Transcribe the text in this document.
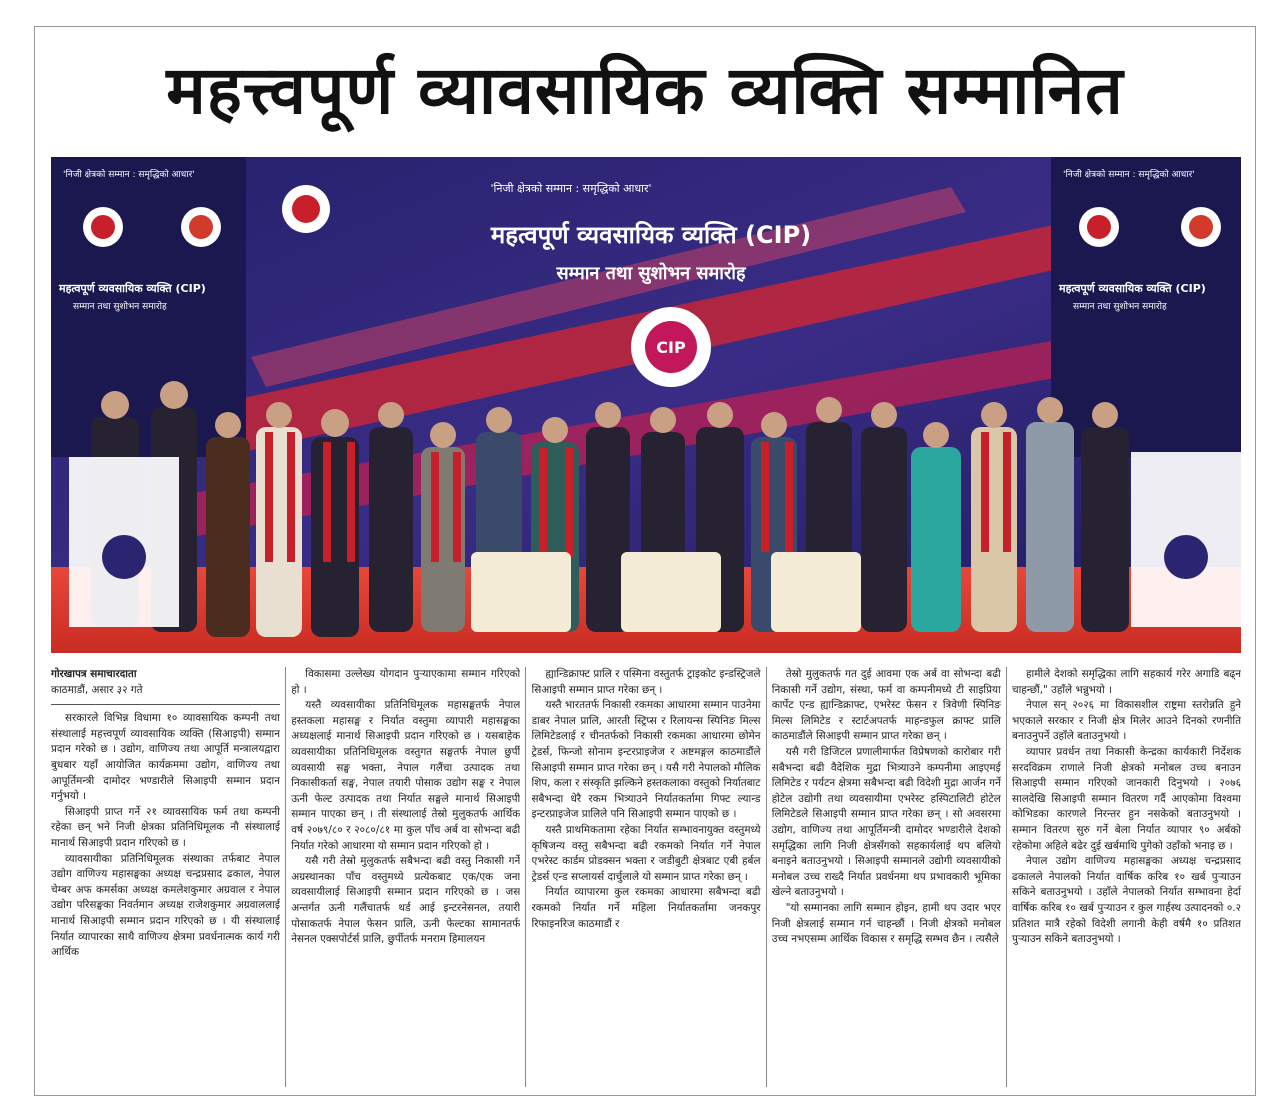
महत्त्वपूर्ण व्यावसायिक व्यक्ति सम्मानित
'निजी क्षेत्रको सम्मान : समृद्धिको आधार'	'निजी क्षेत्रको सम्मान : समृद्धिको आधार'
महत्वपूर्ण व्यवसायिक व्यक्ति (CIP)
सम्मान तथा सुशोभन समारोह
महत्वपूर्ण व्यवसायिक व्यक्ति (CIP)
सम्मान तथा सुशोभन समारोह
'निजी क्षेत्रको सम्मान : समृद्धिको आधार'
महत्वपूर्ण व्यवसायिक व्यक्ति (CIP)
सम्मान तथा सुशोभन समारोह
CIP
गोरखापत्र समाचारदाता
काठमाडौं, असार ३२ गते

सरकारले विभिन्न विधामा १० व्यावसायिक कम्पनी तथा संस्थालाई महत्त्वपूर्ण व्यावसायिक व्यक्ति (सिआइपी) सम्मान प्रदान गरेको छ । उद्योग, वाणिज्य तथा आपूर्ति मन्त्रालयद्वारा बुधबार यहाँ आयोजित कार्यक्रममा उद्योग, वाणिज्य तथा आपूर्तिमन्त्री दामोदर भण्डारीले सिआइपी सम्मान प्रदान गर्नुभयो ।

सिआइपी प्राप्त गर्ने २१ व्यावसायिक फर्म तथा कम्पनी रहेका छन् भने निजी क्षेत्रका प्रतिनिधिमूलक नौ संस्थालाई मानार्थ सिआइपी प्रदान गरिएको छ ।

व्यावसायीका प्रतिनिधिमूलक संस्थाका तर्फबाट नेपाल उद्योग वाणिज्य महासङ्घका अध्यक्ष चन्द्रप्रसाद ढकाल, नेपाल चेम्बर अफ कमर्सका अध्यक्ष कमलेशकुमार अग्रवाल र नेपाल उद्योग परिसङ्घका निवर्तमान अध्यक्ष राजेशकुमार अग्रवाललाई मानार्थ सिआइपी सम्मान प्रदान गरिएको छ । यी संस्थालाई निर्यात व्यापारका साथै वाणिज्य क्षेत्रमा प्रवर्धनात्मक कार्य गरी आर्थिक

विकासमा उल्लेख्य योगदान पुऱ्याएकामा सम्मान गरिएको हो ।

यस्तै व्यवसायीका प्रतिनिधिमूलक महासङ्घतर्फ नेपाल हस्तकला महासङ्घ र निर्यात वस्तुमा व्यापारी महासङ्घका अध्यक्षलाई मानार्थ सिआइपी प्रदान गरिएको छ । यसबाहेक व्यवसायीका प्रतिनिधिमूलक वस्तुगत सङ्घतर्फ नेपाल छुर्पी व्यवसायी सङ्घ भक्ता, नेपाल गलैंचा उत्पादक तथा निकासीकर्ता सङ्घ, नेपाल तयारी पोसाक उद्योग सङ्घ र नेपाल ऊनी फेल्ट उत्पादक तथा निर्यात सङ्घले मानार्थ सिआइपी सम्मान पाएका छन् । ती संस्थालाई तेस्रो मुलुकतर्फ आर्थिक वर्ष २०७९/८० र २०८०/८१ मा कुल पाँच अर्ब वा सोभन्दा बढी निर्यात गरेको आधारमा यो सम्मान प्रदान गरिएको हो ।

यसै गरी तेस्रो मुलुकतर्फ सबैभन्दा बढी वस्तु निकासी गर्ने अग्रस्थानका पाँच वस्तुमध्ये प्रत्येकबाट एक/एक जना व्यवसायीलाई सिआइपी सम्मान प्रदान गरिएको छ । जस अन्तर्गत ऊनी गलैंचातर्फ थर्ड आई इन्टरनेसनल, तयारी पोसाकतर्फ नेपाल फेसन प्रालि, ऊनी फेल्टका सामानतर्फ नेसनल एक्सपोर्टर्स प्रालि, छुर्पीतर्फ मनराम हिमालयन

ह्यान्डिक्राफ्ट प्रालि र पस्मिना वस्तुतर्फ ट्राइकोट इन्डस्ट्रिजले सिआइपी सम्मान प्राप्त गरेका छन् ।

यस्तै भारततर्फ निकासी रकमका आधारमा सम्मान पाउनेमा डाबर नेपाल प्रालि, आरती स्ट्रिप्स र रिलायन्स स्पिनिङ मिल्स लिमिटेडलाई र चीनतर्फको निकासी रकमका आधारमा छोमेन ट्रेडर्स, फिन्जो सोनाम इन्टरप्राइजेज र अष्टमङ्गल काठमाडौंले सिआइपी सम्मान प्राप्त गरेका छन् । यसै गरी नेपालको मौलिक शिप, कला र संस्कृति झल्किने हस्तकलाका वस्तुको निर्यातबाट सबैभन्दा धेरै रकम भित्र्याउने निर्यातकर्तामा गिफ्ट ल्यान्ड इन्टरप्राइजेज प्रालिले पनि सिआइपी सम्मान पाएको छ ।

यस्तै प्राथमिकतामा रहेका निर्यात सम्भावनायुक्त वस्तुमध्ये कृषिजन्य वस्तु सबैभन्दा बढी रकमको निर्यात गर्ने नेपाल एभरेस्ट कार्डम प्रोडक्सन भक्ता र जडीबुटी क्षेत्रबाट एबी हर्बल ट्रेडर्स एन्ड सप्लायर्स दार्चुलाले यो सम्मान प्राप्त गरेका छन् ।

निर्यात व्यापारमा कुल रकमका आधारमा सबैभन्दा बढी रकमको निर्यात गर्ने महिला निर्यातकर्तामा जनकपुर रिफाइनरिज काठमाडौं र

तेस्रो मुलुकतर्फ गत दुई आवमा एक अर्ब वा सोभन्दा बढी निकासी गर्ने उद्योग, संस्था, फर्म वा कम्पनीमध्ये टी साइप्रिया कार्पेट एन्ड ह्यान्डिक्राफ्ट, एभरेस्ट फेसन र त्रिवेणी स्पिनिङ मिल्स लिमिटेड र स्टार्टअपतर्फ माहन्डफुल क्राफ्ट प्रालि काठमाडौंले सिआइपी सम्मान प्राप्त गरेका छन् ।

यसै गरी डिजिटल प्रणालीमार्फत विप्रेषणको कारोबार गरी सबैभन्दा बढी वैदेशिक मुद्रा भित्र्याउने कम्पनीमा आइएमई लिमिटेड र पर्यटन क्षेत्रमा सबैभन्दा बढी विदेशी मुद्रा आर्जन गर्ने होटेल उद्योगी तथा व्यवसायीमा एभरेस्ट हस्पिटालिटी होटेल लिमिटेडले सिआइपी सम्मान प्राप्त गरेका छन् । सो अवसरमा उद्योग, वाणिज्य तथा आपूर्तिमन्त्री दामोदर भण्डारीले देशको समृद्धिका लागि निजी क्षेत्रसँगको सहकार्यलाई थप बलियो बनाइने बताउनुभयो । सिआइपी सम्मानले उद्योगी व्यवसायीको मनोबल उच्च राख्दै निर्यात प्रवर्धनमा थप प्रभावकारी भूमिका खेल्ने बताउनुभयो ।

"यो सम्मानका लागि सम्मान होइन, हामी थप उदार भएर निजी क्षेत्रलाई सम्मान गर्न चाहन्छौं । निजी क्षेत्रको मनोबल उच्च नभएसम्म आर्थिक विकास र समृद्धि सम्भव छैन । त्यसैले

हामीले देशको समृद्धिका लागि सहकार्य गरेर अगाडि बढ्न चाहन्छौं," उहाँले भन्नुभयो ।

नेपाल सन् २०२६ मा विकासशील राष्ट्रमा स्तरोन्नति हुने भएकाले सरकार र निजी क्षेत्र मिलेर आउने दिनको रणनीति बनाउनुपर्ने उहाँले बताउनुभयो ।

व्यापार प्रवर्धन तथा निकासी केन्द्रका कार्यकारी निर्देशक सरदविक्रम राणाले निजी क्षेत्रको मनोबल उच्च बनाउन सिआइपी सम्मान गरिएको जानकारी दिनुभयो । २०७६ सालदेखि सिआइपी सम्मान वितरण गर्दै आएकोमा विश्वमा कोभिडका कारणले निरन्तर हुन नसकेको बताउनुभयो । सम्मान वितरण सुरु गर्ने बेला निर्यात व्यापार ९० अर्बको रहेकोमा अहिले बढेर दुई खर्बमाथि पुगेको उहाँको भनाइ छ ।

नेपाल उद्योग वाणिज्य महासङ्घका अध्यक्ष चन्द्रप्रसाद ढकालले नेपालको निर्यात वार्षिक करिब १० खर्ब पुऱ्याउन सकिने बताउनुभयो । उहाँले नेपालको निर्यात सम्भावना हेर्दा वार्षिक करिब १० खर्ब पुऱ्याउन र कुल गार्हस्थ उत्पादनको ०.२ प्रतिशत मात्रै रहेको विदेशी लगानी केही वर्षमै १० प्रतिशत पुऱ्याउन सकिने बताउनुभयो ।
